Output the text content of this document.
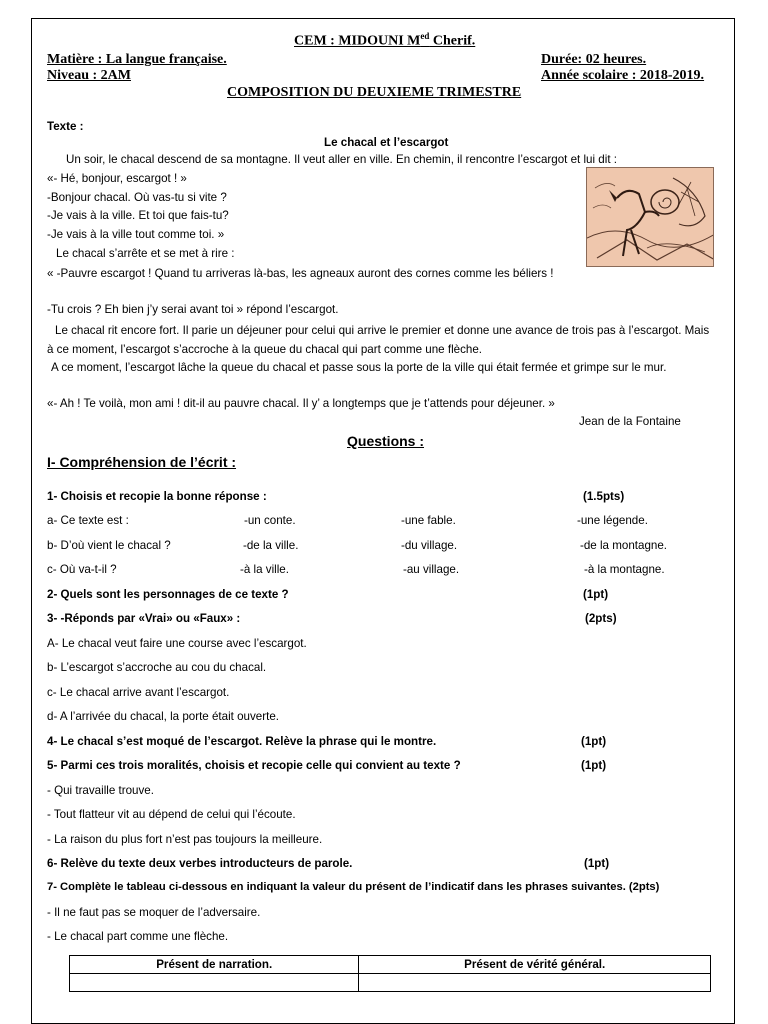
CEM : MIDOUNI $M^{ed}$ Cherif.
Matière : La langue française.	Durée: 02 heures.
Niveau : 2AM	Année scolaire : 2018-2019.
COMPOSITION DU DEUXIEME TRIMESTRE
Texte :
Le chacal et l’escargot
Un soir, le chacal descend de sa montagne. Il veut aller en ville. En chemin, il rencontre l’escargot et lui dit :
«- Hé, bonjour, escargot ! »
-Bonjour chacal. Où vas-tu si vite ?
-Je vais à la ville. Et toi que fais-tu?
-Je vais à la ville tout comme toi. »
Le chacal s’arrête et se met à rire :
« -Pauvre escargot ! Quand tu arriveras là-bas, les agneaux auront des cornes comme les béliers !
-Tu crois ? Eh bien j’y serai avant toi » répond l’escargot.
Le chacal rit encore fort. Il parie un déjeuner pour celui qui arrive le premier et donne une avance de trois pas à l’escargot. Mais à ce moment, l’escargot s’accroche à la queue du chacal qui part comme une flèche.
A ce moment, l’escargot lâche la queue du chacal et passe sous la porte de la ville qui était fermée et grimpe sur le mur.
«- Ah ! Te voilà, mon ami ! dit-il au pauvre chacal. Il y’ a longtemps que je t’attends pour déjeuner. »
Jean de la Fontaine
Questions :
I- Compréhension de l’écrit :
1- Choisis et recopie la bonne réponse :	(1.5pts)
a- Ce texte est :	-un conte.	-une fable.	-une légende.
b- D’où vient le chacal ?	-de la ville.	-du village.	-de la montagne.
c- Où va-t-il ?	-à la ville.	-au village.	-à la montagne.
2- Quels sont les personnages de ce texte ?	(1pt)
3- -Réponds par «Vrai» ou «Faux» :	(2pts)
A- Le chacal veut faire une course avec l’escargot.
b- L’escargot s’accroche au cou du chacal.
c- Le chacal arrive avant l’escargot.
d- A l’arrivée du chacal, la porte était ouverte.
4- Le chacal s’est moqué de l’escargot. Relève la phrase qui le montre.	(1pt)
5- Parmi ces trois moralités, choisis et recopie celle qui convient au texte ?	(1pt)
- Qui travaille trouve.
- Tout flatteur vit au dépend de celui qui l’écoute.
- La raison du plus fort n’est pas toujours la meilleure.
6- Relève du texte deux verbes introducteurs de parole.	(1pt)
7- Complète le tableau ci-dessous en indiquant la valeur du présent de l’indicatif dans les phrases suivantes. (2pts)
- Il ne faut pas se moquer de l’adversaire.
- Le chacal part comme une flèche.
Présent de narration.	Présent de vérité général.
